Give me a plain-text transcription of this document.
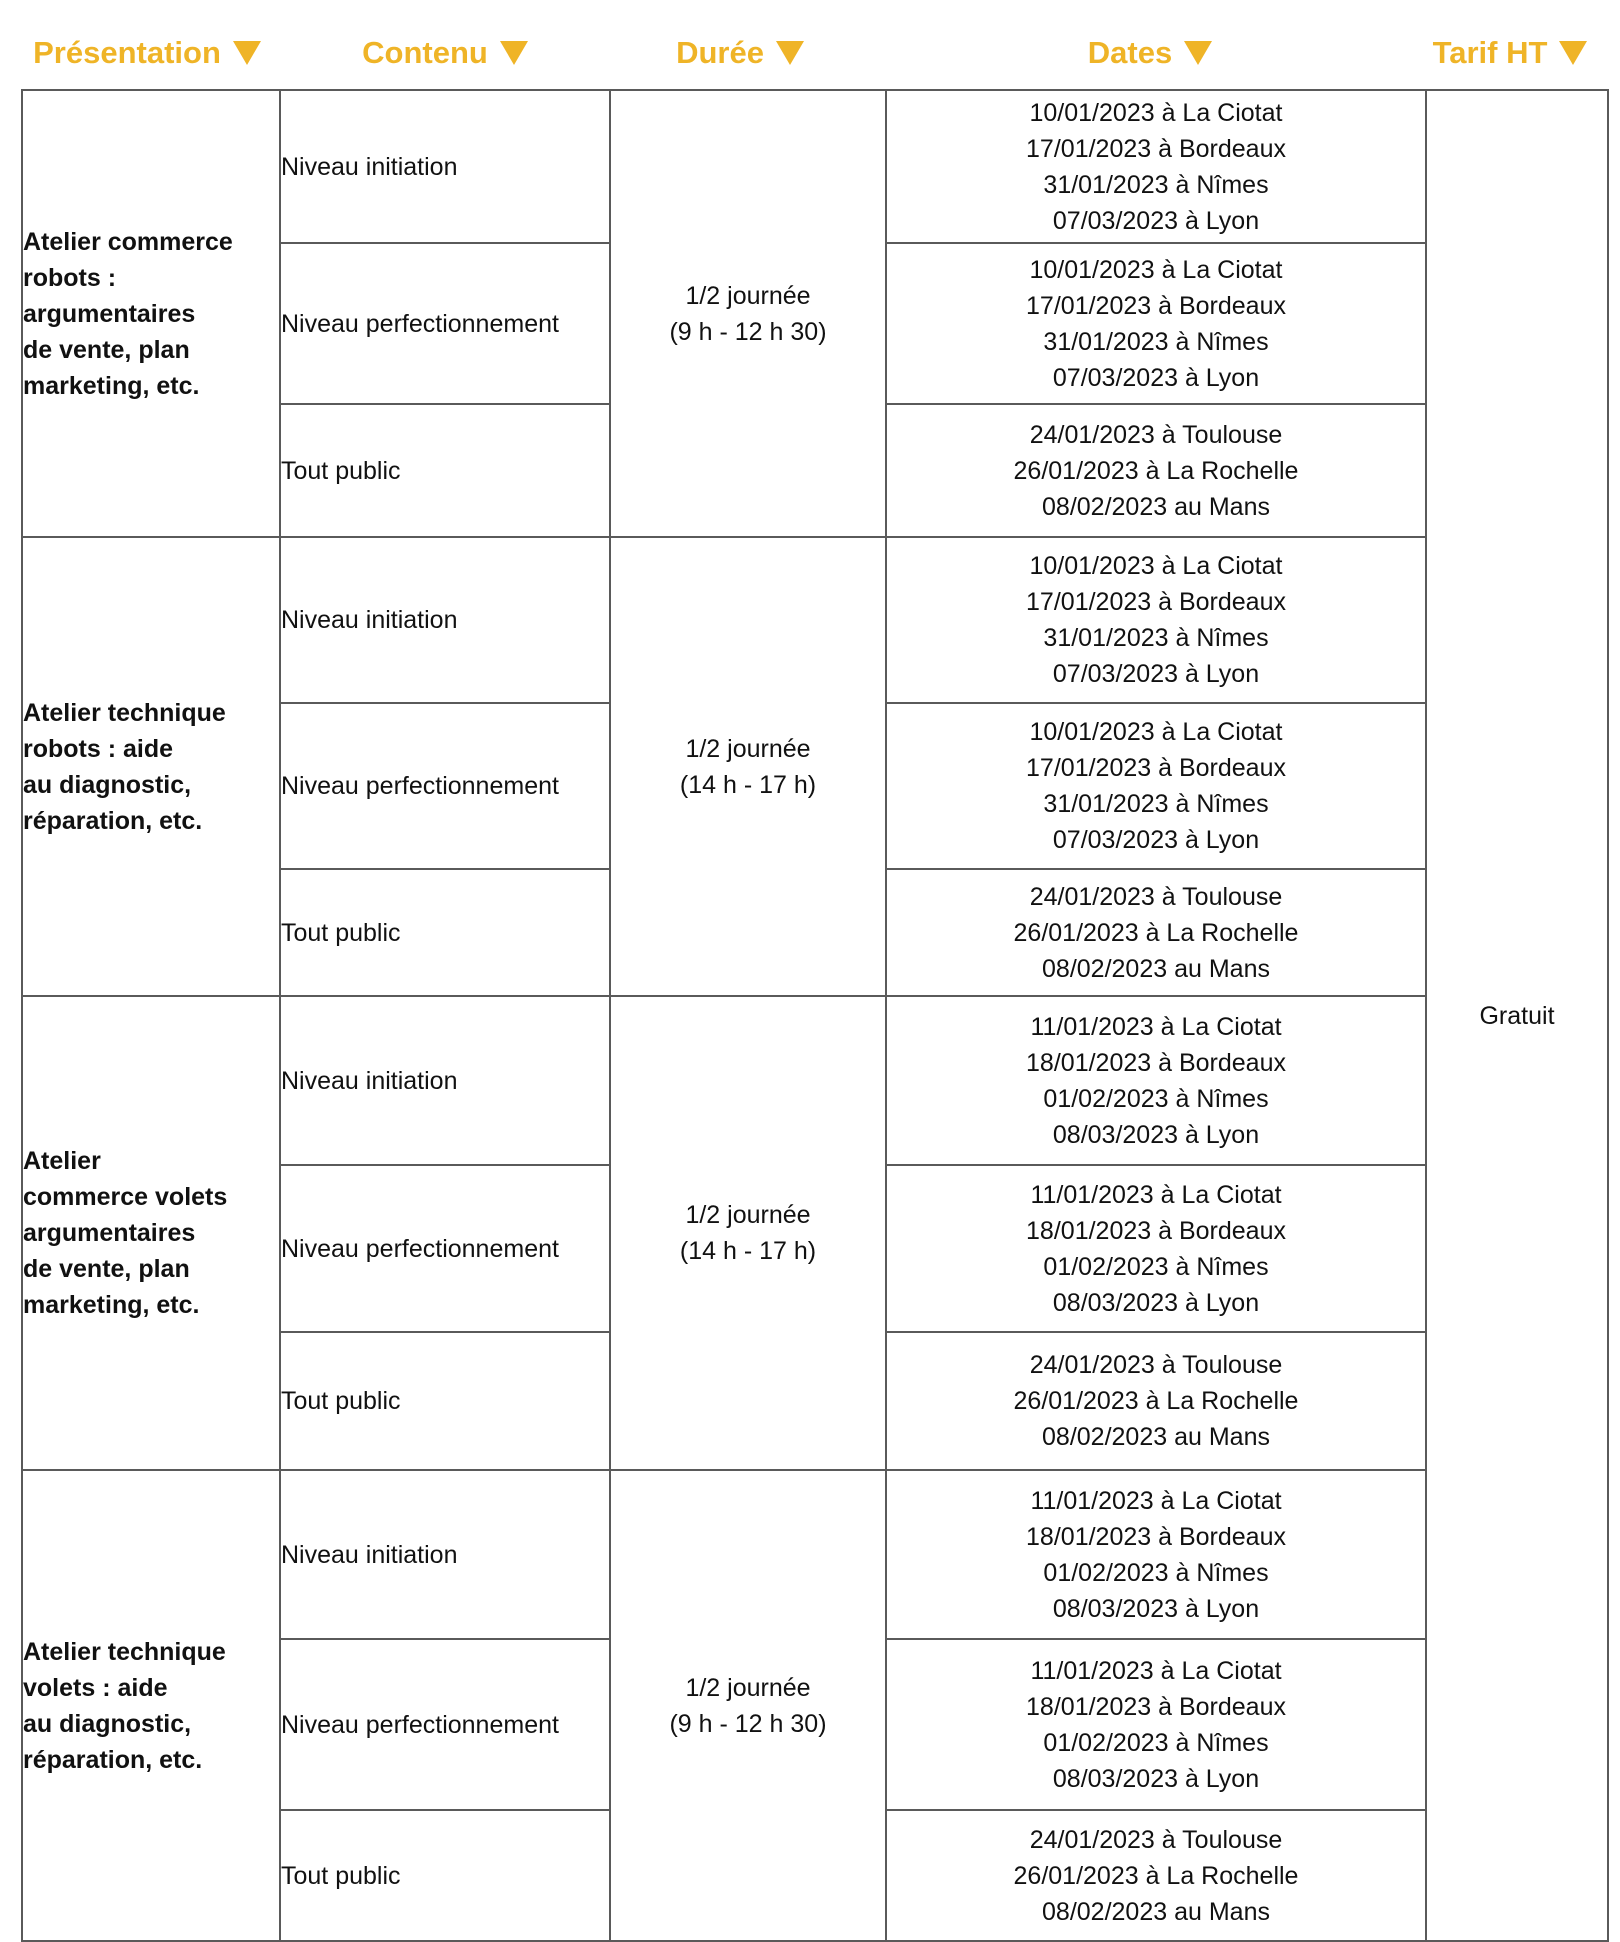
Présentation	Contenu	Durée	Dates	Tarif HT
Atelier commerce
robots :
argumentaires
de vente, plan
marketing, etc.	Niveau initiation	1/2 journée
(9 h - 12 h 30)	10/01/2023 à La Ciotat
17/01/2023 à Bordeaux
31/01/2023 à Nîmes
07/03/2023 à Lyon	Gratuit
	Niveau perfectionnement		10/01/2023 à La Ciotat
17/01/2023 à Bordeaux
31/01/2023 à Nîmes
07/03/2023 à Lyon	

	Tout public		24/01/2023 à Toulouse
26/01/2023 à La Rochelle
08/02/2023 au Mans	

Atelier technique
robots : aide
au diagnostic,
réparation, etc.	Niveau initiation	1/2 journée
(14 h - 17 h)	10/01/2023 à La Ciotat
17/01/2023 à Bordeaux
31/01/2023 à Nîmes
07/03/2023 à Lyon	

	Niveau perfectionnement		10/01/2023 à La Ciotat
17/01/2023 à Bordeaux
31/01/2023 à Nîmes
07/03/2023 à Lyon	

	Tout public		24/01/2023 à Toulouse
26/01/2023 à La Rochelle
08/02/2023 au Mans	

Atelier
commerce volets
argumentaires
de vente, plan
marketing, etc.	Niveau initiation	1/2 journée
(14 h - 17 h)	11/01/2023 à La Ciotat
18/01/2023 à Bordeaux
01/02/2023 à Nîmes
08/03/2023 à Lyon	

	Niveau perfectionnement		11/01/2023 à La Ciotat
18/01/2023 à Bordeaux
01/02/2023 à Nîmes
08/03/2023 à Lyon	

	Tout public		24/01/2023 à Toulouse
26/01/2023 à La Rochelle
08/02/2023 au Mans	

Atelier technique
volets : aide
au diagnostic,
réparation, etc.	Niveau initiation	1/2 journée
(9 h - 12 h 30)	11/01/2023 à La Ciotat
18/01/2023 à Bordeaux
01/02/2023 à Nîmes
08/03/2023 à Lyon	

	Niveau perfectionnement		11/01/2023 à La Ciotat
18/01/2023 à Bordeaux
01/02/2023 à Nîmes
08/03/2023 à Lyon	

	Tout public		24/01/2023 à Toulouse
26/01/2023 à La Rochelle
08/02/2023 au Mans	
